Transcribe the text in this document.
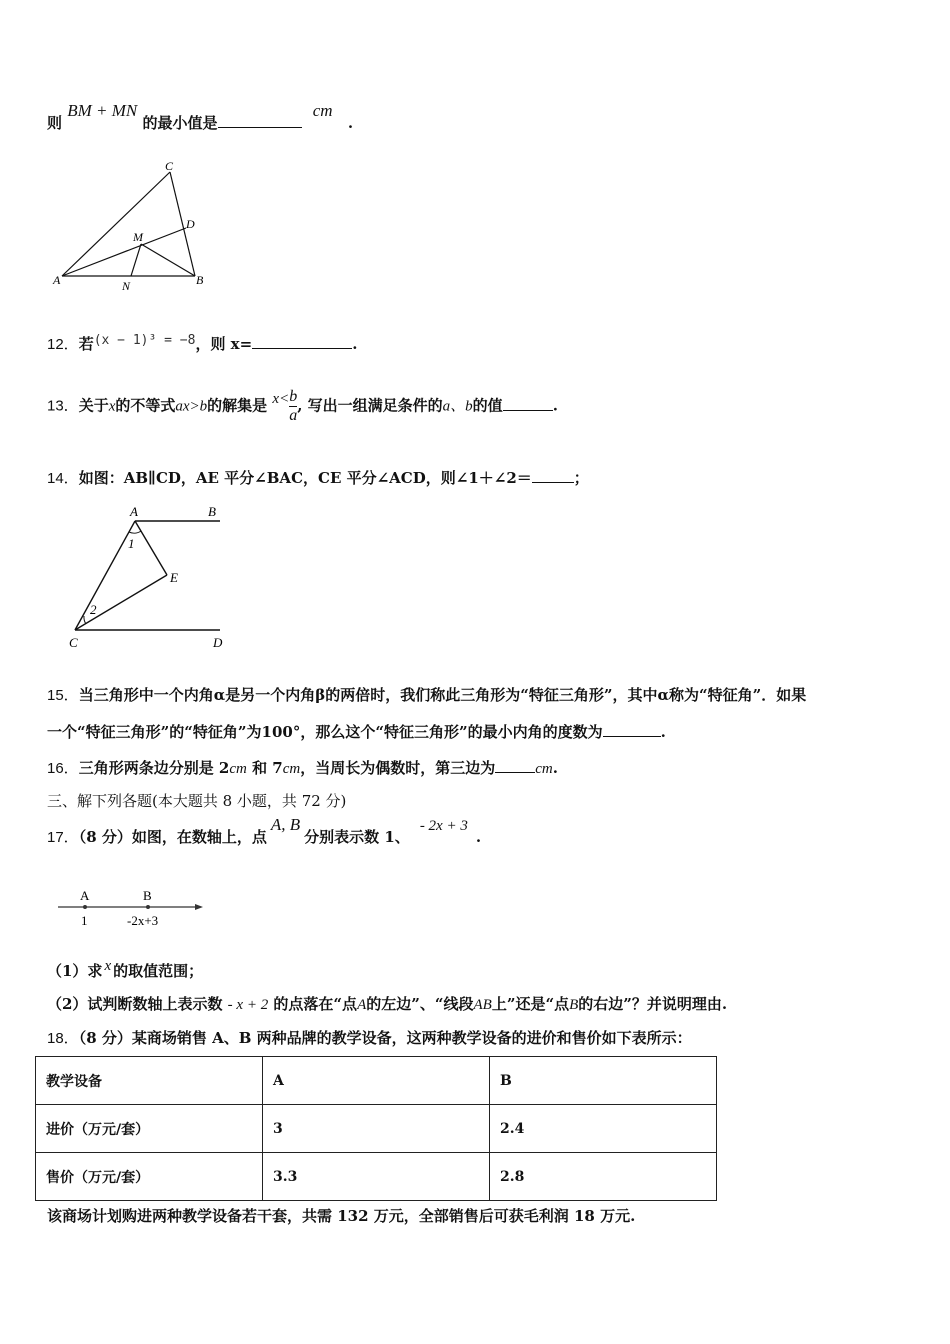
则 BM + MN 的最小值是 cm .
C
D
M
A	N	B
12．若(x − 1)³ = −8，则 x=	.
13．关于x的不等式ax>b的解集是 $x<\frac{b}{a}$ , 写出一组满足条件的a、b的值	.
14．如图：AB∥CD，AE 平分∠BAC，CE 平分∠ACD，则∠1＋∠2＝	；
A	B
1
E
2
C	D
15．当三角形中一个内角α是另一个内角β的两倍时，我们称此三角形为“特征三角形”，其中α称为“特征角”．如果
一个“特征三角形”的“特征角”为100°，那么这个“特征三角形”的最小内角的度数为	.
16．三角形两条边分别是 2cm 和 7cm，当周长为偶数时，第三边为	cm.
三、解下列各题(本大题共 8 小题，共 72 分)
17．（8 分）如图，在数轴上，点A, B分别表示数 1、- 2x + 3.
A	B
1	-2x+3
（1）求 x 的取值范围；
（2）试判断数轴上表示数 - x + 2 的点落在“点A的左边”、“线段AB上”还是“点B的右边”？并说明理由.
18．（8 分）某商场销售 A、B 两种品牌的教学设备，这两种教学设备的进价和售价如下表所示：
教学设备	A	B
进价（万元/套）	3	2.4
售价（万元/套）	3.3	2.8
该商场计划购进两种教学设备若干套，共需 132 万元，全部销售后可获毛利润 18 万元.
